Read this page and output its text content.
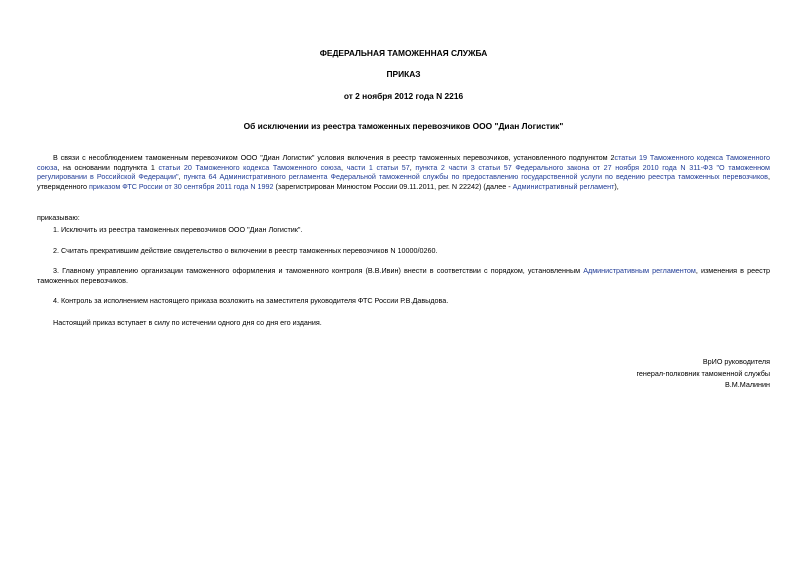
ФЕДЕРАЛЬНАЯ ТАМОЖЕННАЯ СЛУЖБА
ПРИКАЗ
от 2 ноября 2012 года N 2216
Об исключении из реестра таможенных перевозчиков ООО "Диан Логистик"
В связи с несоблюдением таможенным перевозчиком ООО "Диан Логистик" условия включения в реестр таможенных перевозчиков, установленного подпунктом 2статьи 19 Таможенного кодекса Таможенного союза, на основании подпункта 1 статьи 20 Таможенного кодекса Таможенного союза, части 1 статьи 57, пункта 2 части 3 статьи 57 Федерального закона от 27 ноября 2010 года N 311-ФЗ "О таможенном регулировании в Российской Федерации", пункта 64 Административного регламента Федеральной таможенной службы по предоставлению государственной услуги по ведению реестра таможенных перевозчиков, утвержденного приказом ФТС России от 30 сентября 2011 года N 1992 (зарегистрирован Минюстом России 09.11.2011, рег. N 22242) (далее - Административный регламент),
приказываю:
1. Исключить из реестра таможенных перевозчиков ООО "Диан Логистик".
2. Считать прекратившим действие свидетельство о включении в реестр таможенных перевозчиков N 10000/0260.
3. Главному управлению организации таможенного оформления и таможенного контроля (В.В.Ивин) внести в соответствии с порядком, установленным Административным регламентом, изменения в реестр таможенных перевозчиков.
4. Контроль за исполнением настоящего приказа возложить на заместителя руководителя ФТС России Р.В.Давыдова.
Настоящий приказ вступает в силу по истечении одного дня со дня его издания.
ВрИО руководителя
генерал-полковник таможенной службы
В.М.Малинин
